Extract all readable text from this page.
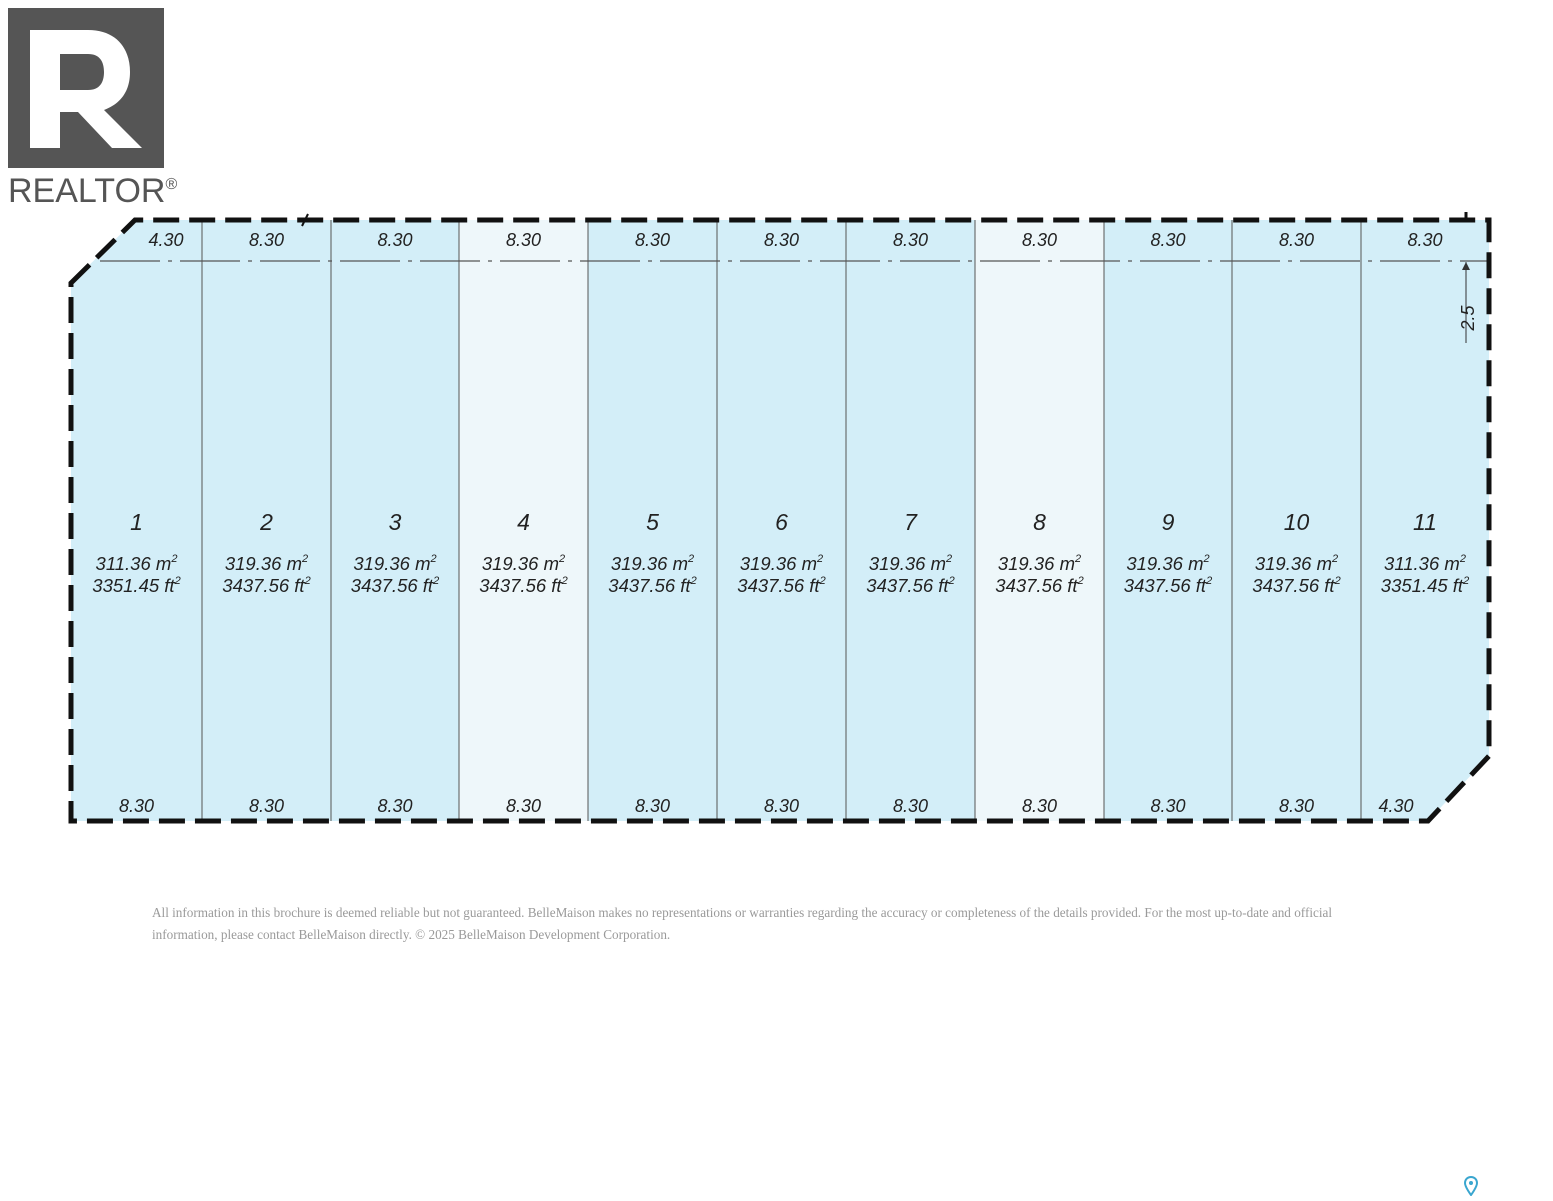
REALTOR®
2.5
4.30
8.30
1
311.36 $m^2$
3351.45 $ft^2$
8.30
8.30
2
319.36 $m^2$
3437.56 $ft^2$
8.30
8.30
3
319.36 $m^2$
3437.56 $ft^2$
8.30
8.30
4
319.36 $m^2$
3437.56 $ft^2$
8.30
8.30
5
319.36 $m^2$
3437.56 $ft^2$
8.30
8.30
6
319.36 $m^2$
3437.56 $ft^2$
8.30
8.30
7
319.36 $m^2$
3437.56 $ft^2$
8.30
8.30
8
319.36 $m^2$
3437.56 $ft^2$
8.30
8.30
9
319.36 $m^2$
3437.56 $ft^2$
8.30
8.30
10
319.36 $m^2$
3437.56 $ft^2$
8.30
4.30
11
311.36 $m^2$
3351.45 $ft^2$
All information in this brochure is deemed reliable but not guaranteed. BelleMaison makes no representations or warranties regarding the accuracy or completeness of the details provided. For the most up-to-date and official information, please contact BelleMaison directly. © 2025 BelleMaison Development Corporation.
